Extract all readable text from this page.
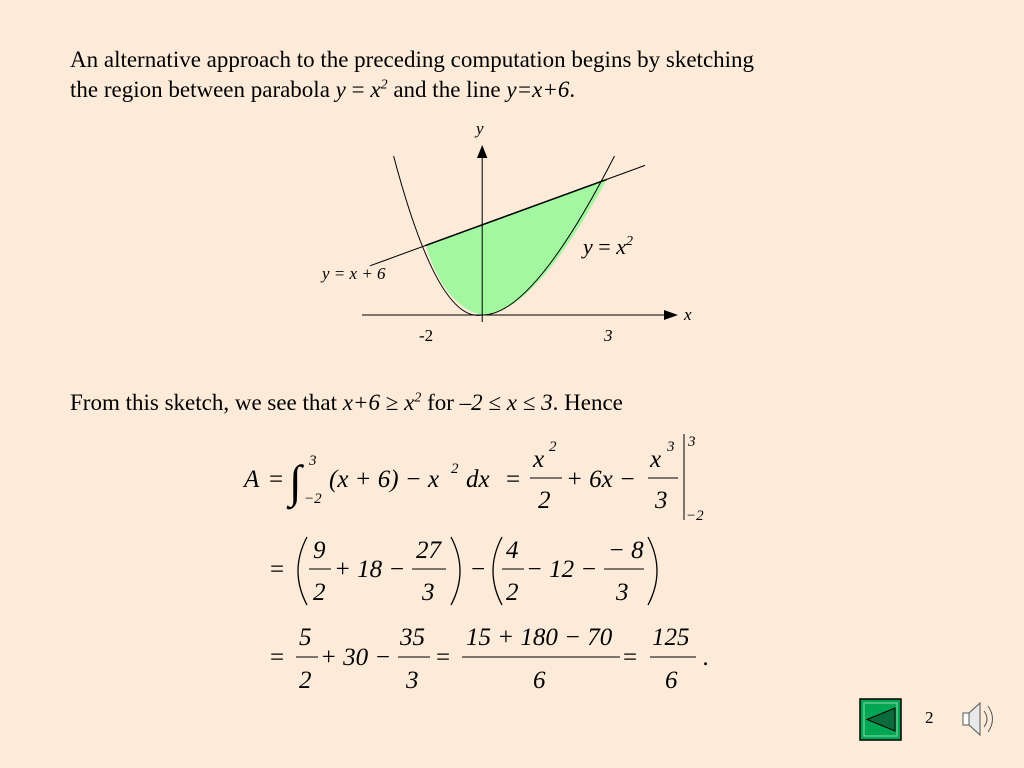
An alternative approach to the preceding computation begins by sketching
the region between parabola $y = x^2$ and the line y=x+6.

y
x
$y = x^2$
y = x + 6
-2	3
A = ∫ 3
−2
(x + 6) − x 2 dx =
x 2
2
+ 6x −
x 3
3
3
−2
=
9
2
+ 18 −
27
3
−
4
2
− 12 −
− 8
3
=
5
2
+ 30 −
35
3
=
15 + 180 − 70
6
=
125
6
.

From this sketch, we see that $x+6 \ge x^2$ for –2 ≤ x ≤ 3. Hence

2
